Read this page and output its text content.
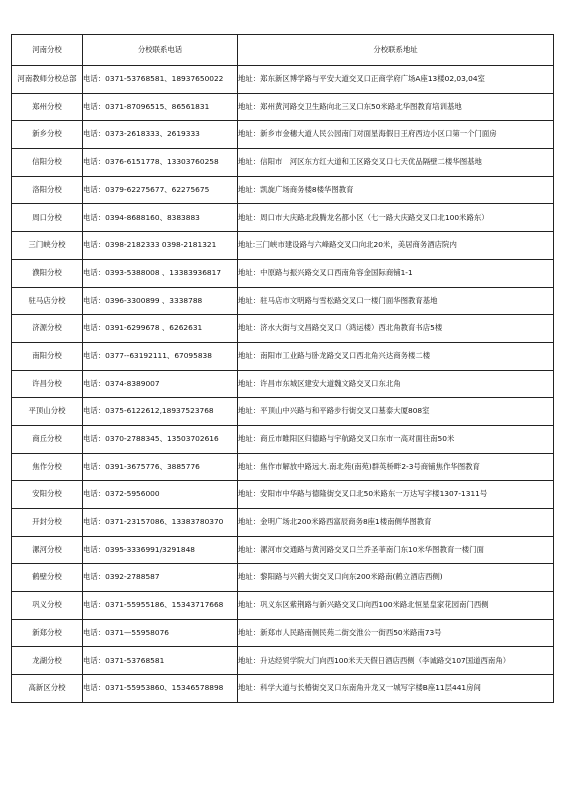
河南分校	分校联系电话	分校联系地址
河南教师分校总部	电话：0371-53768581、18937650022	地址：郑东新区博学路与平安大道交叉口正商学府广场A座13楼02,03,04室
郑州分校	电话：0371-87096515、86561831	地址：郑州黄河路交卫生路向北三叉口东50米路北华图教育培训基地
新乡分校	电话：0373-2618333、2619333	地址：新乡市金穗大道人民公园南门对面星海假日王府西边小区口第一个门面房
信阳分校	电话：0376-6151778、13303760258	地址：信阳市　河区东方红大道和工区路交叉口七天优品隔壁二楼华图基地
洛阳分校	电话：0379-62275677、62275675	地址：凯旋广场商务楼8楼华图教育
周口分校	电话：0394-8688160、8383883	地址：周口市大庆路北段腾龙名都小区（七一路大庆路交叉口北100米路东）
三门峡分校	电话：0398-2182333 0398-2181321	地址:三门峡市建设路与六峰路交叉口向北20米，美居商务酒店院内
濮阳分校	电话：0393-5388008 、13383936817	地址：中原路与振兴路交叉口西南角容金国际商铺1-1
驻马店分校	电话：0396-3300899 、3338788	地址：驻马店市文明路与雪松路交叉口一楼门面华图教育基地
济源分校	电话：0391-6299678 、6262631	地址：济水大街与文昌路交叉口（鸿运楼）西北角教育书店5楼
南阳分校	电话：0377--63192111、67095838	地址：南阳市工业路与卧龙路交叉口西北角兴达商务楼二楼
许昌分校	电话：0374-8389007	地址：许昌市东城区建安大道魏文路交叉口东北角
平顶山分校	电话：0375-6122612,18937523768	地址：平顶山中兴路与和平路步行街交叉口墓泰大厦808室
商丘分校	电话：0370-2788345、13503702616	地址：商丘市睢阳区归德路与宇航路交叉口东市一高对面往南50米
焦作分校	电话：0391-3675776、3885776	地址：焦作市解放中路远大.南北苑(南苑)群英桥畔2-3号商铺焦作华图教育
安阳分校	电话：0372-5956000	地址：安阳市中华路与德隆街交叉口北50米路东一万达写字楼1307-1311号
开封分校	电话：0371-23157086、13383780370	地址：金明广场北200米路西富辰商务8座1楼南侧华图教育
漯河分校	电话：0395-3336991/3291848	地址：漯河市交通路与黄河路交叉口兰乔圣菲南门东10米华图教育一楼门面
鹤壁分校	电话：0392-2788587	地址：黎阳路与兴鹤大街交叉口向东200米路南(鹤立酒店西侧)
巩义分校	电话：0371-55955186、15343717668	地址：巩义东区紫荆路与新兴路交叉口向西100米路北恒星皇家花园南门西侧
新郑分校	电话：0371—55958076	地址：新郑市人民路南侧民苑二街交淮公一街西50米路南73号
龙湖分校	电话：0371-53768581	地址：升达经贸学院大门向西100米天天假日酒店西侧（李诚路交107国道西南角）
高新区分校	电话：0371-55953860、15346578898	地址：科学大道与长椿街交叉口东南角升龙又一城写字楼B座11层441房间
